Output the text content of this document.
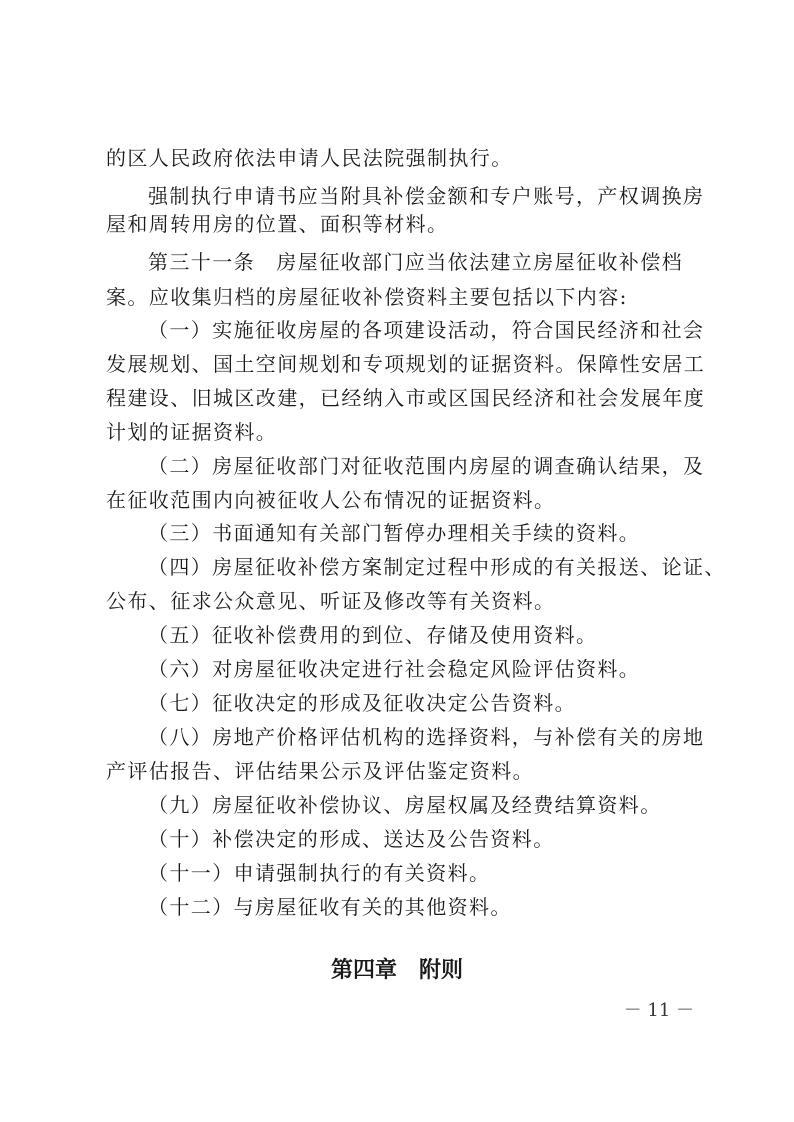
的区人民政府依法申请人民法院强制执行。
强制执行申请书应当附具补偿金额和专户账号，产权调换房
屋和周转用房的位置、面积等材料。
第三十一条　房屋征收部门应当依法建立房屋征收补偿档
案。应收集归档的房屋征收补偿资料主要包括以下内容:
（一）实施征收房屋的各项建设活动，符合国民经济和社会
发展规划、国土空间规划和专项规划的证据资料。保障性安居工
程建设、旧城区改建，已经纳入市或区国民经济和社会发展年度
计划的证据资料。
（二）房屋征收部门对征收范围内房屋的调查确认结果，及
在征收范围内向被征收人公布情况的证据资料。
（三）书面通知有关部门暂停办理相关手续的资料。
（四）房屋征收补偿方案制定过程中形成的有关报送、论证、
公布、征求公众意见、听证及修改等有关资料。
（五）征收补偿费用的到位、存储及使用资料。
（六）对房屋征收决定进行社会稳定风险评估资料。
（七）征收决定的形成及征收决定公告资料。
（八）房地产价格评估机构的选择资料，与补偿有关的房地
产评估报告、评估结果公示及评估鉴定资料。
（九）房屋征收补偿协议、房屋权属及经费结算资料。
（十）补偿决定的形成、送达及公告资料。
（十一）申请强制执行的有关资料。
（十二）与房屋征收有关的其他资料。
第四章　附则
－ 11 －
